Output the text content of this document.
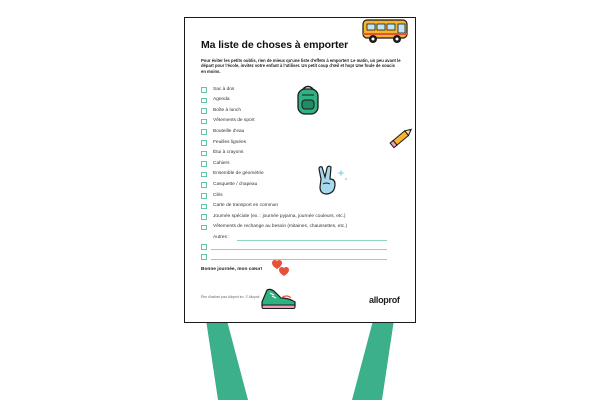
Ma liste de choses à emporter
Pour éviter les petits oublis, rien de mieux qu'une liste d'effets à emporter! Le matin, un peu avant le départ pour l'école, invitez votre enfant à l'utiliser. Un petit coup d'œil et hop! Une foule de soucis en moins.
Sac à dos
Agenda
Boîte à lunch
Vêtements de sport
Bouteille d'eau
Feuilles lignées
Étui à crayons
Cahiers
Ensemble de géométrie
Casquette / chapeau
Clés
Carte de transport en commun
Journée spéciale (ex. : journée pyjama, journée couleurs, etc.)
Vêtements de rechange au besoin (mitaines, chaussettes, etc.)
Autres :
Bonne journée, mon cœur!
Être d'instinct pour Alloprof inc. © Alloprof	alloprof
